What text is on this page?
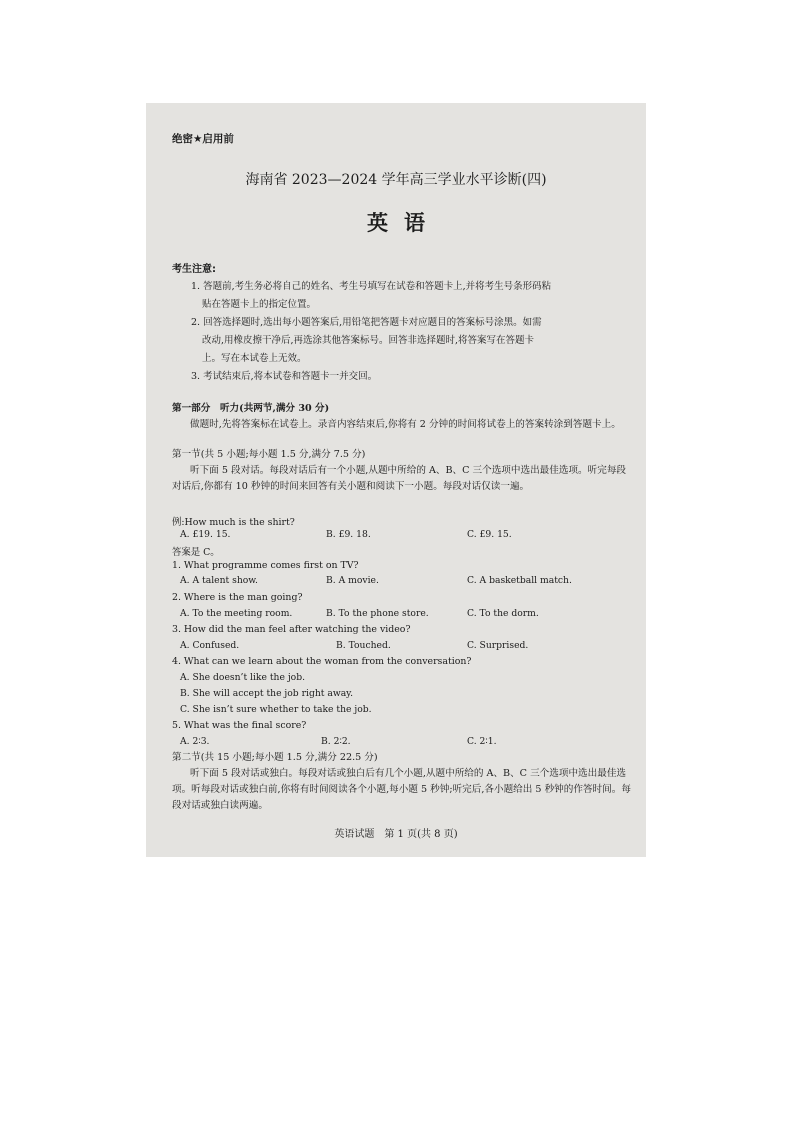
绝密★启用前
海南省 2023—2024 学年高三学业水平诊断(四)
英语
考生注意:
1. 答题前,考生务必将自己的姓名、考生号填写在试卷和答题卡上,并将考生号条形码粘
贴在答题卡上的指定位置。
2. 回答选择题时,选出每小题答案后,用铅笔把答题卡对应题目的答案标号涂黑。如需
改动,用橡皮擦干净后,再选涂其他答案标号。回答非选择题时,将答案写在答题卡
上。写在本试卷上无效。
3. 考试结束后,将本试卷和答题卡一并交回。
第一部分　听力(共两节,满分 30 分)
做题时,先将答案标在试卷上。录音内容结束后,你将有 2 分钟的时间将试卷上的答案转涂到答题卡上。
第一节(共 5 小题;每小题 1.5 分,满分 7.5 分)
听下面 5 段对话。每段对话后有一个小题,从题中所给的 A、B、C 三个选项中选出最佳选项。听完每段对话后,你都有 10 秒钟的时间来回答有关小题和阅读下一小题。每段对话仅读一遍。
例:How much is the shirt?
A. £19. 15.	B. £9. 18.	C. £9. 15.
答案是 C。
1. What programme comes first on TV?
A. A talent show.	B. A movie.	C. A basketball match.
2. Where is the man going?
A. To the meeting room.	B. To the phone store.	C. To the dorm.
3. How did the man feel after watching the video?
A. Confused.	B. Touched.	C. Surprised.
4. What can we learn about the woman from the conversation?
A. She doesn’t like the job.
B. She will accept the job right away.
C. She isn’t sure whether to take the job.
5. What was the final score?
A. 2∶3.	B. 2∶2.	C. 2∶1.
第二节(共 15 小题;每小题 1.5 分,满分 22.5 分)
听下面 5 段对话或独白。每段对话或独白后有几个小题,从题中所给的 A、B、C 三个选项中选出最佳选项。听每段对话或独白前,你将有时间阅读各个小题,每小题 5 秒钟;听完后,各小题给出 5 秒钟的作答时间。每段对话或独白读两遍。
英语试题　第 1 页(共 8 页)
